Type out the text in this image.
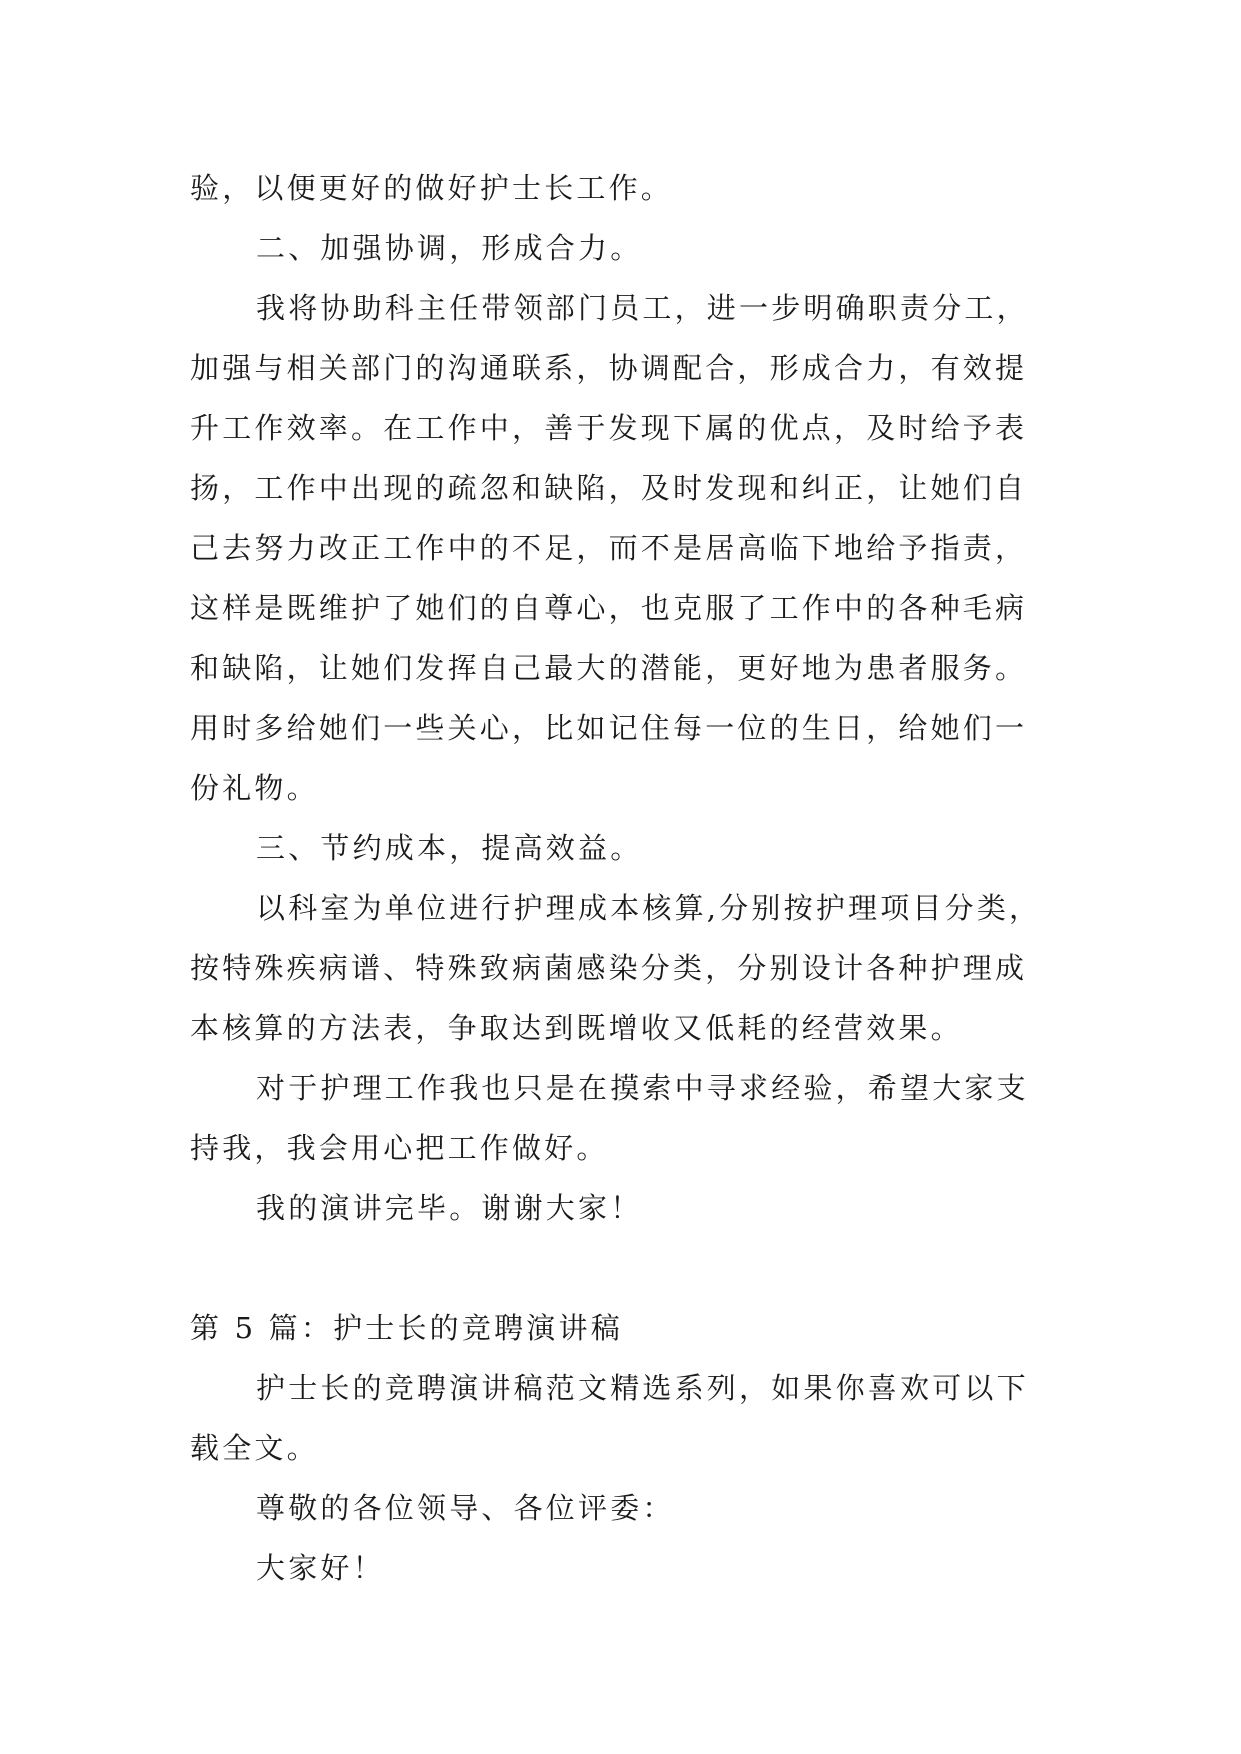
验，以便更好的做好护士长工作。
二、加强协调，形成合力。
我将协助科主任带领部门员工，进一步明确职责分工，
加强与相关部门的沟通联系，协调配合，形成合力，有效提
升工作效率。在工作中，善于发现下属的优点，及时给予表
扬，工作中出现的疏忽和缺陷，及时发现和纠正，让她们自
己去努力改正工作中的不足，而不是居高临下地给予指责，
这样是既维护了她们的自尊心，也克服了工作中的各种毛病
和缺陷，让她们发挥自己最大的潜能，更好地为患者服务。
用时多给她们一些关心，比如记住每一位的生日，给她们一
份礼物。
三、节约成本，提高效益。
以科室为单位进行护理成本核算,分别按护理项目分类，
按特殊疾病谱、特殊致病菌感染分类，分别设计各种护理成
本核算的方法表，争取达到既增收又低耗的经营效果。
对于护理工作我也只是在摸索中寻求经验，希望大家支
持我，我会用心把工作做好。
我的演讲完毕。谢谢大家！
第 5 篇：护士长的竞聘演讲稿
护士长的竞聘演讲稿范文精选系列，如果你喜欢可以下
载全文。
尊敬的各位领导、各位评委：
大家好！
